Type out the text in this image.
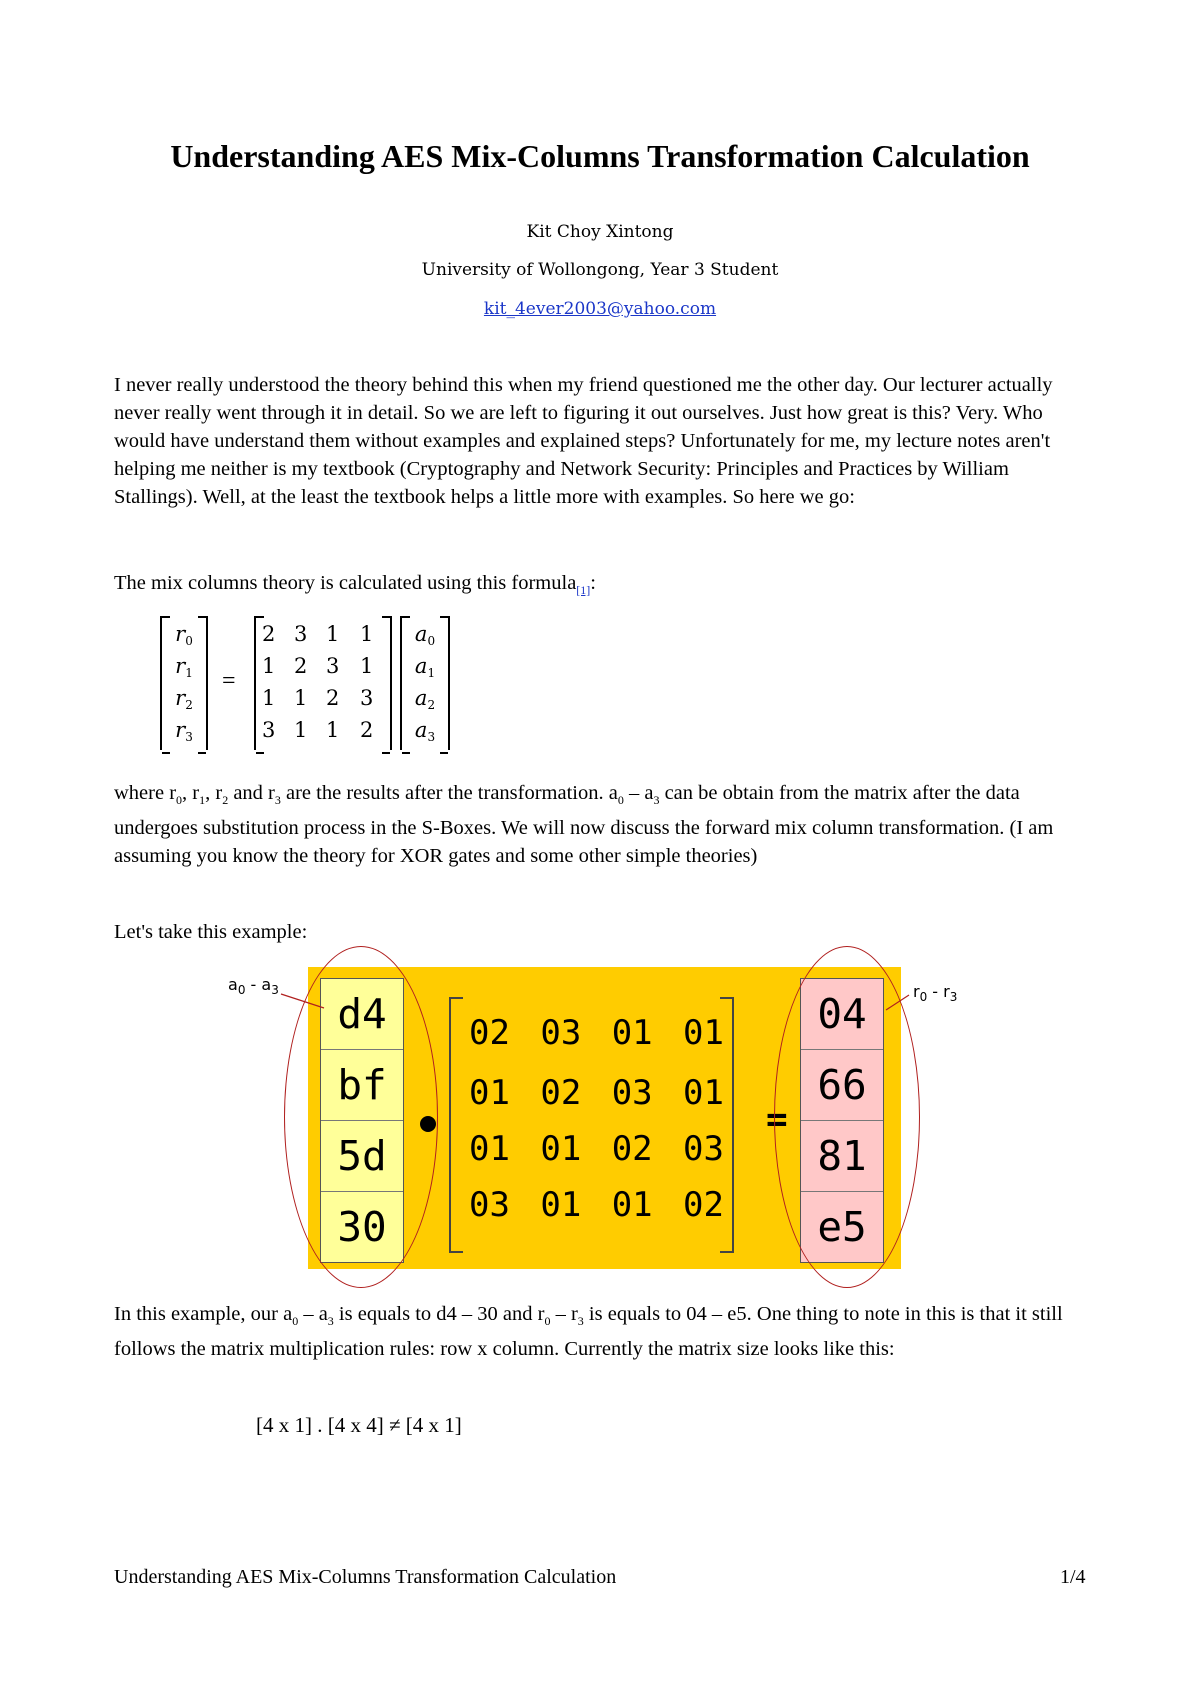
Understanding AES Mix-Columns Transformation Calculation
Kit Choy Xintong
University of Wollongong, Year 3 Student
kit_4ever2003@yahoo.com

I never really understood the theory behind this when my friend questioned me the other day. Our lecturer actually never really went through it in detail. So we are left to figuring it out ourselves. Just how great is this? Very. Who would have understand them without examples and explained steps? Unfortunately for me, my lecture notes aren't helping me neither is my textbook (Cryptography and Network Security: Principles and Practices by William Stallings). Well, at the least the textbook helps a little more with examples. So here we go:

The mix columns theory is calculated using this formula$_{[1]}$:

r0
r1
r2
r3
=
2 3 1 1
1 2 3 1
1 1 2 3
3 1 1 2
a0
a1
a2
a3

where $r_0$, $r_1$, $r_2$ and $r_3$ are the results after the transformation. $a_0 - a_3$ can be obtain from the matrix after the data undergoes substitution process in the S-Boxes. We will now discuss the forward mix column transformation. (I am assuming you know the theory for XOR gates and some other simple theories)

Let's take this example:

$a_0 - a_3$	$r_0 - r_3$
d4
bf
5d
30
02 03 01 01
01 02 03 01
01 01 02 03
03 01 01 02
=
04
66
81
e5

In this example, our $a_0 - a_3$ is equals to d4 – 30 and $r_0 - r_3$ is equals to 04 – e5. One thing to note in this is that it still follows the matrix multiplication rules: row x column. Currently the matrix size looks like this:

[4 x 1] . [4 x 4] ≠ [4 x 1]
Understanding AES Mix-Columns Transformation Calculation	1/4
